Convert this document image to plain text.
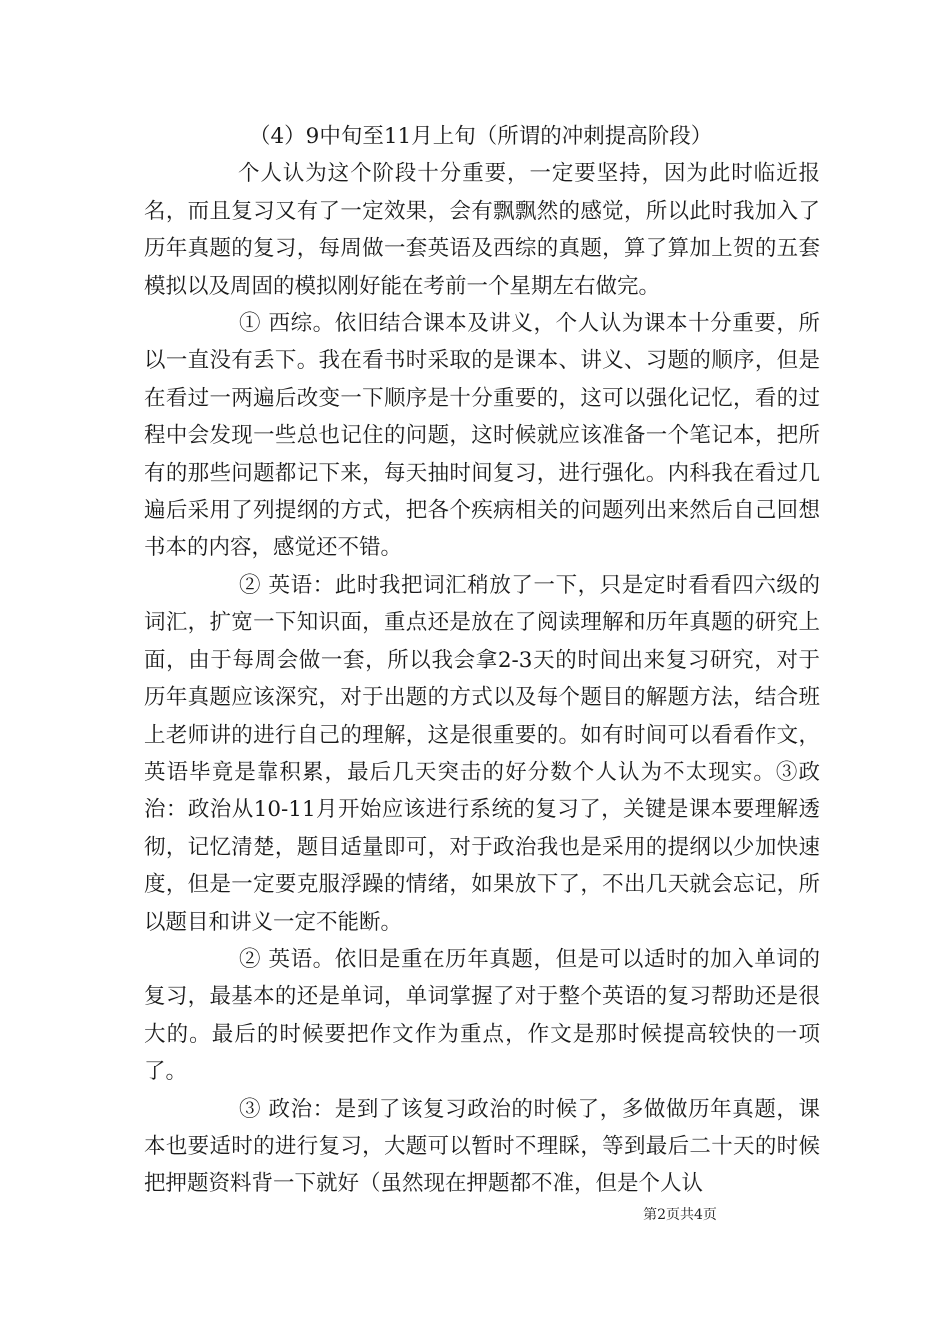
（4）9中旬至11月上旬（所谓的冲刺提高阶段）

个人认为这个阶段十分重要，一定要坚持，因为此时临近报名，而且复习又有了一定效果，会有飘飘然的感觉，所以此时我加入了历年真题的复习，每周做一套英语及西综的真题，算了算加上贺的五套模拟以及周固的模拟刚好能在考前一个星期左右做完。

① 西综。依旧结合课本及讲义，个人认为课本十分重要，所以一直没有丢下。我在看书时采取的是课本、讲义、习题的顺序，但是在看过一两遍后改变一下顺序是十分重要的，这可以强化记忆，看的过程中会发现一些总也记住的问题，这时候就应该准备一个笔记本，把所有的那些问题都记下来，每天抽时间复习，进行强化。内科我在看过几遍后采用了列提纲的方式，把各个疾病相关的问题列出来然后自己回想书本的内容，感觉还不错。

② 英语：此时我把词汇稍放了一下，只是定时看看四六级的词汇，扩宽一下知识面，重点还是放在了阅读理解和历年真题的研究上面，由于每周会做一套，所以我会拿2-3天的时间出来复习研究，对于历年真题应该深究，对于出题的方式以及每个题目的解题方法，结合班上老师讲的进行自己的理解，这是很重要的。如有时间可以看看作文，英语毕竟是靠积累，最后几天突击的好分数个人认为不太现实。③政治：政治从10-11月开始应该进行系统的复习了，关键是课本要理解透彻，记忆清楚，题目适量即可，对于政治我也是采用的提纲以少加快速度，但是一定要克服浮躁的情绪，如果放下了，不出几天就会忘记，所以题目和讲义一定不能断。

② 英语。依旧是重在历年真题，但是可以适时的加入单词的复习，最基本的还是单词，单词掌握了对于整个英语的复习帮助还是很大的。最后的时候要把作文作为重点，作文是那时候提高较快的一项了。

③ 政治：是到了该复习政治的时候了，多做做历年真题，课本也要适时的进行复习，大题可以暂时不理睬，等到最后二十天的时候把押题资料背一下就好（虽然现在押题都不准，但是个人认

第2页共4页
